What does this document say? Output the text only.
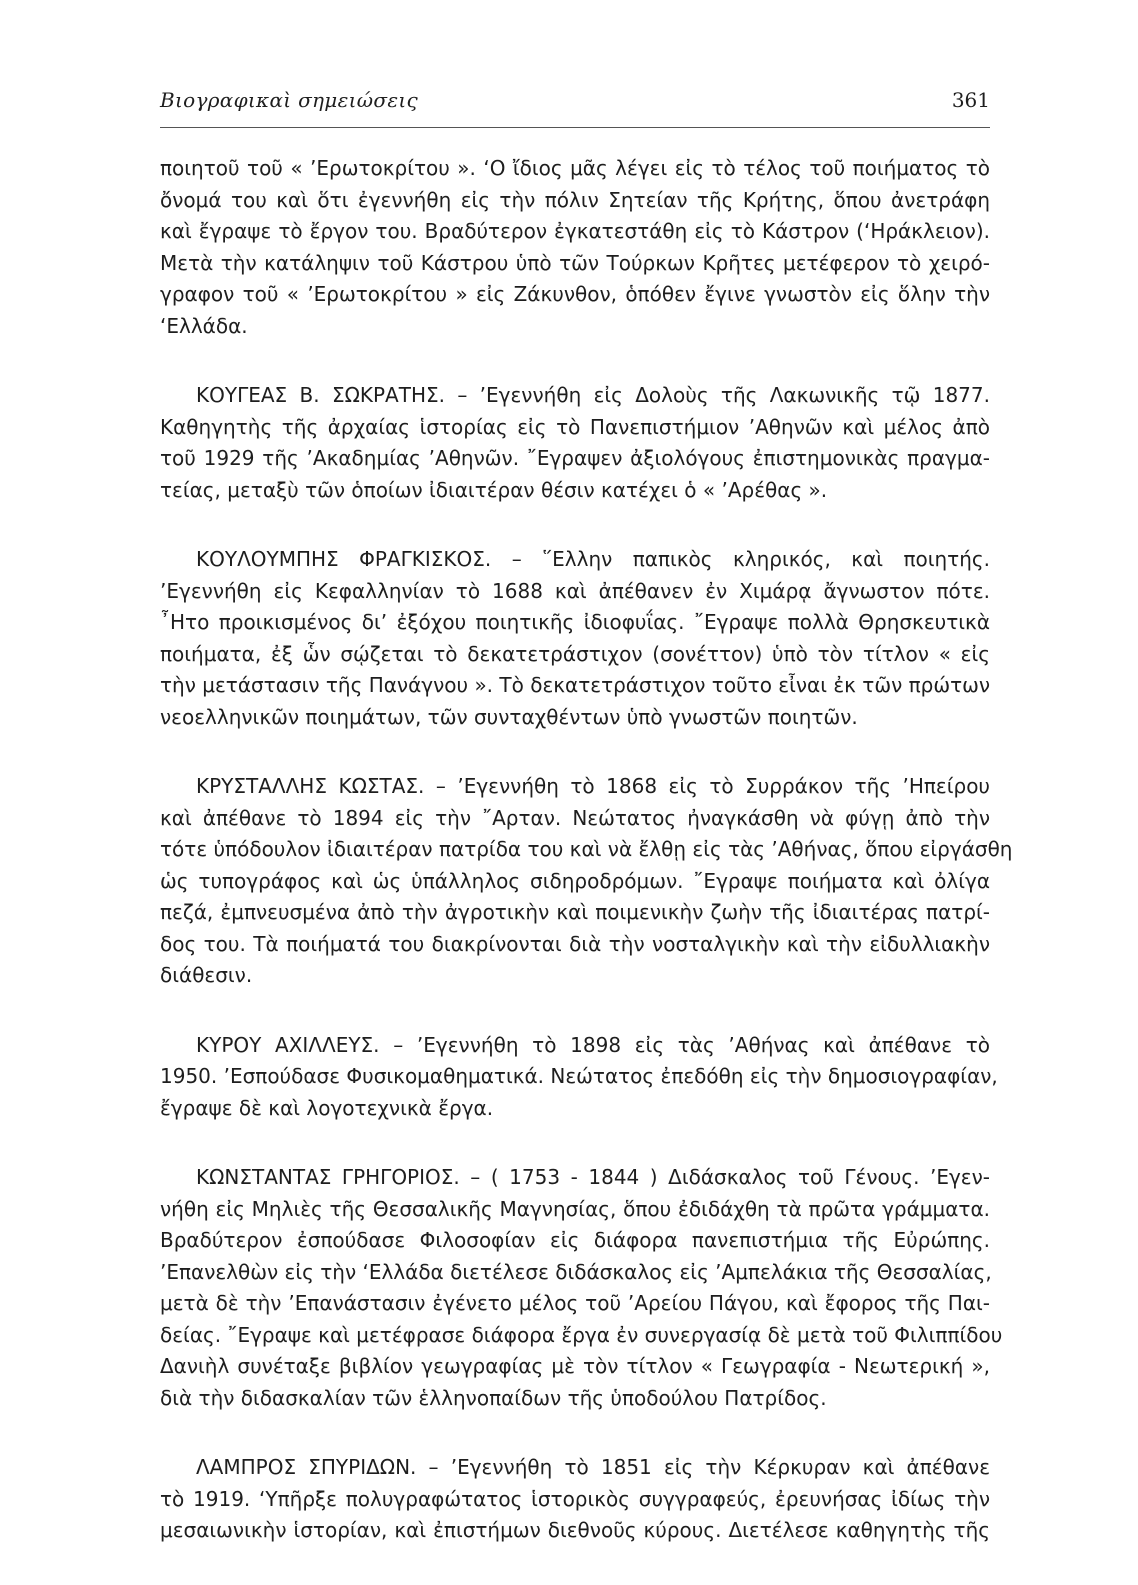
Βιογραφικαὶ σημειώσεις	361
ποιητοῦ τοῦ « ’Ερωτοκρίτου ». ‘Ο ἴδιος μᾶς λέγει εἰς τὸ τέλος τοῦ ποιήματος τὸ
ὄνομά του καὶ ὅτι ἐγεννήθη εἰς τὴν πόλιν Σητείαν τῆς Κρήτης, ὅπου ἀνετράφη
καὶ ἔγραψε τὸ ἔργον του. Βραδύτερον ἐγκατεστάθη εἰς τὸ Κάστρον (‘Ηράκλειον).
Μετὰ τὴν κατάληψιν τοῦ Κάστρου ὑπὸ τῶν Τούρκων Κρῆτες μετέφερον τὸ χειρό-
γραφον τοῦ « ’Ερωτοκρίτου » εἰς Ζάκυνθον, ὁπόθεν ἔγινε γνωστὸν εἰς ὅλην τὴν
‘Ελλάδα.
ΚΟΥΓΕΑΣ Β. ΣΩΚΡΑΤΗΣ. – ’Εγεννήθη εἰς Δολοὺς τῆς Λακωνικῆς τῷ 1877.
Καθηγητὴς τῆς ἀρχαίας ἱστορίας εἰς τὸ Πανεπιστήμιον ’Αθηνῶν καὶ μέλος ἀπὸ
τοῦ 1929 τῆς ’Ακαδημίας ’Αθηνῶν. ῎Εγραψεν ἀξιολόγους ἐπιστημονικὰς πραγμα-
τείας, μεταξὺ τῶν ὁποίων ἰδιαιτέραν θέσιν κατέχει ὁ « ’Αρέθας ».
ΚΟΥΛΟΥΜΠΗΣ ΦΡΑΓΚΙΣΚΟΣ. – ῞Ελλην παπικὸς κληρικός, καὶ ποιητής.
’Εγεννήθη εἰς Κεφαλληνίαν τὸ 1688 καὶ ἀπέθανεν ἐν Χιμάρᾳ ἄγνωστον πότε.
῏Ητο προικισμένος δι’ ἐξόχου ποιητικῆς ἰδιοφυΐας. ῎Εγραψε πολλὰ Θρησκευτικὰ
ποιήματα, ἐξ ὧν σῴζεται τὸ δεκατετράστιχον (σονέττον) ὑπὸ τὸν τίτλον « εἰς
τὴν μετάστασιν τῆς Πανάγνου ». Τὸ δεκατετράστιχον τοῦτο εἶναι ἐκ τῶν πρώτων
νεοελληνικῶν ποιημάτων, τῶν συνταχθέντων ὑπὸ γνωστῶν ποιητῶν.
ΚΡΥΣΤΑΛΛΗΣ ΚΩΣΤΑΣ. – ’Εγεννήθη τὸ 1868 εἰς τὸ Συρράκον τῆς ’Ηπείρου
καὶ ἀπέθανε τὸ 1894 εἰς τὴν ῎Αρταν. Νεώτατος ἠναγκάσθη νὰ φύγῃ ἀπὸ τὴν
τότε ὑπόδουλον ἰδιαιτέραν πατρίδα του καὶ νὰ ἔλθῃ εἰς τὰς ’Αθήνας, ὅπου εἰργάσθη
ὡς τυπογράφος καὶ ὡς ὑπάλληλος σιδηροδρόμων. ῎Εγραψε ποιήματα καὶ ὀλίγα
πεζά, ἐμπνευσμένα ἀπὸ τὴν ἀγροτικὴν καὶ ποιμενικὴν ζωὴν τῆς ἰδιαιτέρας πατρί-
δος του. Τὰ ποιήματά του διακρίνονται διὰ τὴν νοσταλγικὴν καὶ τὴν εἰδυλλιακὴν
διάθεσιν.
ΚΥΡΟΥ ΑΧΙΛΛΕΥΣ. – ’Εγεννήθη τὸ 1898 εἰς τὰς ’Αθήνας καὶ ἀπέθανε τὸ
1950. ’Εσπούδασε Φυσικομαθηματικά. Νεώτατος ἐπεδόθη εἰς τὴν δημοσιογραφίαν,
ἔγραψε δὲ καὶ λογοτεχνικὰ ἔργα.
ΚΩΝΣΤΑΝΤΑΣ ΓΡΗΓΟΡΙΟΣ. – ( 1753 - 1844 ) Διδάσκαλος τοῦ Γένους. ’Εγεν-
νήθη εἰς Μηλιὲς τῆς Θεσσαλικῆς Μαγνησίας, ὅπου ἐδιδάχθη τὰ πρῶτα γράμματα.
Βραδύτερον ἐσπούδασε Φιλοσοφίαν εἰς διάφορα πανεπιστήμια τῆς Εὐρώπης.
’Επανελθὼν εἰς τὴν ‘Ελλάδα διετέλεσε διδάσκαλος εἰς ’Αμπελάκια τῆς Θεσσαλίας,
μετὰ δὲ τὴν ’Επανάστασιν ἐγένετο μέλος τοῦ ’Αρείου Πάγου, καὶ ἔφορος τῆς Παι-
δείας. ῎Εγραψε καὶ μετέφρασε διάφορα ἔργα ἐν συνεργασίᾳ δὲ μετὰ τοῦ Φιλιππίδου
Δανιὴλ συνέταξε βιβλίον γεωγραφίας μὲ τὸν τίτλον « Γεωγραφία - Νεωτερική »,
διὰ τὴν διδασκαλίαν τῶν ἑλληνοπαίδων τῆς ὑποδούλου Πατρίδος.
ΛΑΜΠΡΟΣ ΣΠΥΡΙΔΩΝ. – ’Εγεννήθη τὸ 1851 εἰς τὴν Κέρκυραν καὶ ἀπέθανε
τὸ 1919. ‘Υπῆρξε πολυγραφώτατος ἱστορικὸς συγγραφεύς, ἐρευνήσας ἰδίως τὴν
μεσαιωνικὴν ἱστορίαν, καὶ ἐπιστήμων διεθνοῦς κύρους. Διετέλεσε καθηγητὴς τῆς
